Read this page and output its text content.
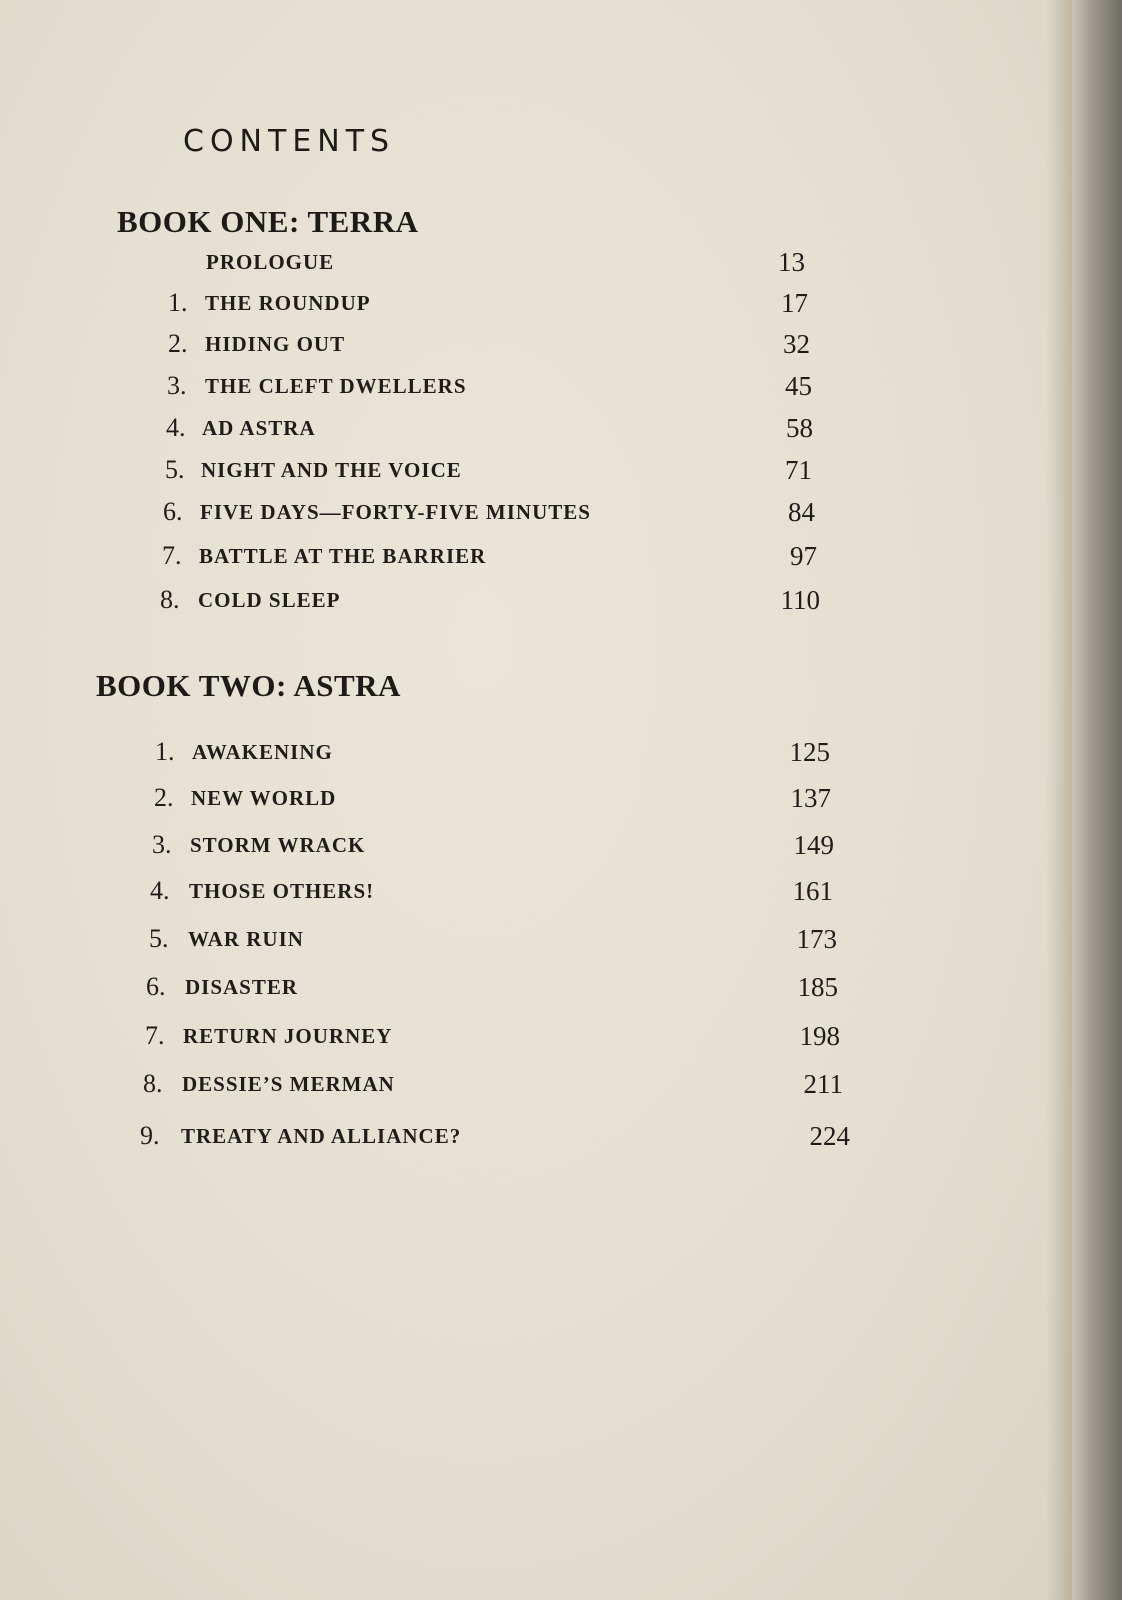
CONTENTS
BOOK ONE: TERRA
PROLOGUE	13
1. THE ROUNDUP	17
2. HIDING OUT	32
3. THE CLEFT DWELLERS	45
4. AD ASTRA	58
5. NIGHT AND THE VOICE	71
6. FIVE DAYS—FORTY-FIVE MINUTES	84
7. BATTLE AT THE BARRIER	97
8. COLD SLEEP	110
BOOK TWO: ASTRA
1. AWAKENING	125
2. NEW WORLD	137
3. STORM WRACK	149
4. THOSE OTHERS!	161
5. WAR RUIN	173
6. DISASTER	185
7. RETURN JOURNEY	198
8. DESSIE’S MERMAN	211
9. TREATY AND ALLIANCE?	224
